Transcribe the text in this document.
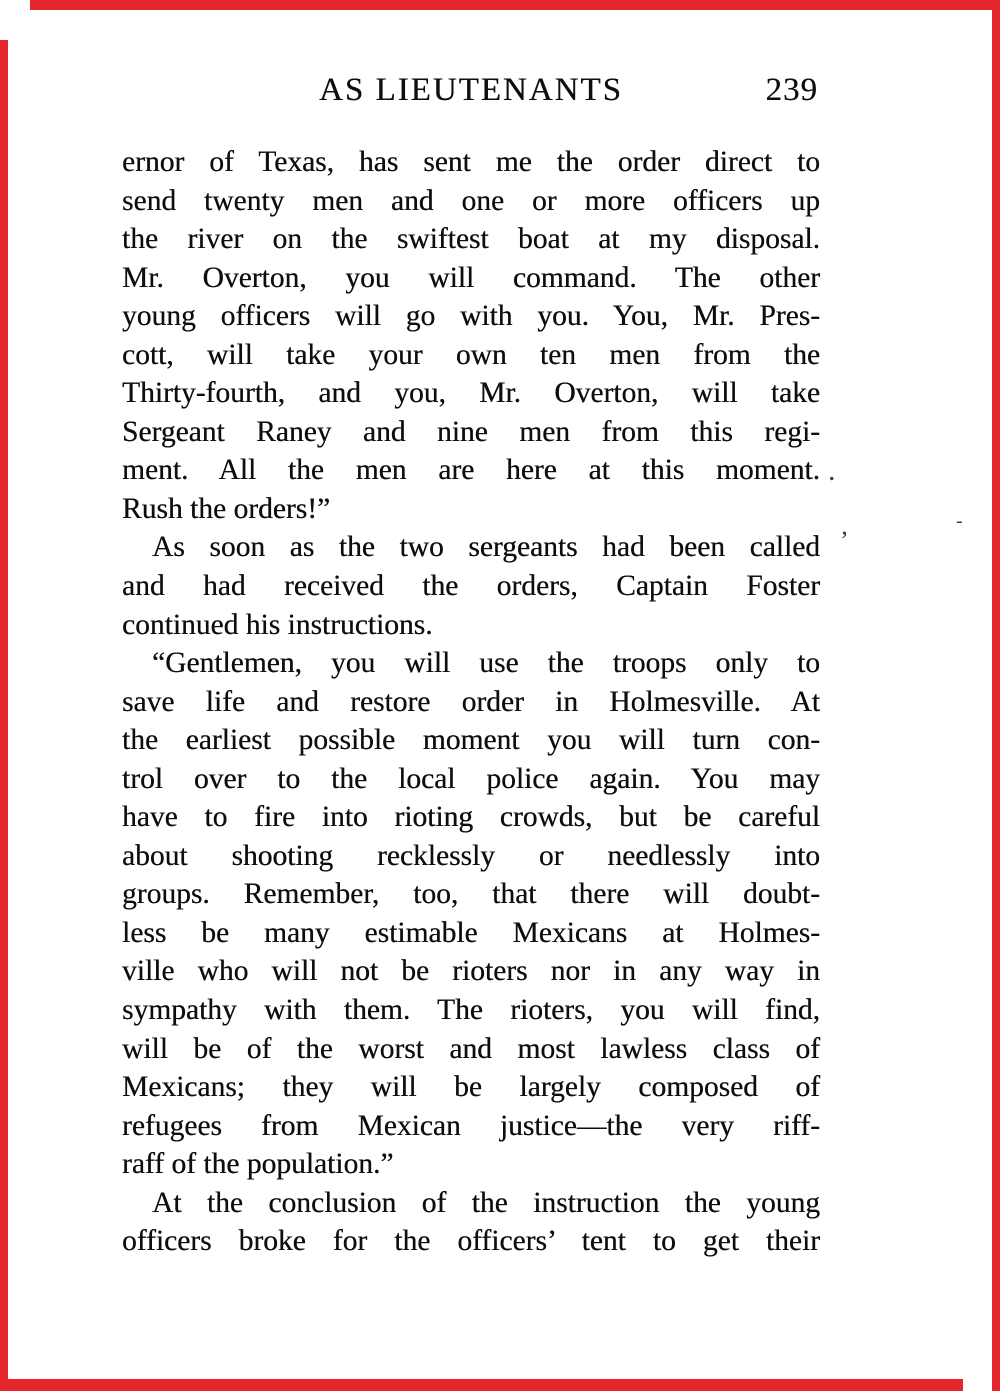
AS LIEUTENANTS	239
ernor of Texas, has sent me the order direct to
send twenty men and one or more officers up
the river on the swiftest boat at my disposal.
Mr. Overton, you will command. The other
young officers will go with you. You, Mr. Pres-
cott, will take your own ten men from the
Thirty-fourth, and you, Mr. Overton, will take
Sergeant Raney and nine men from this regi-
ment. All the men are here at this moment.
Rush the orders!”
As soon as the two sergeants had been called
and had received the orders, Captain Foster
continued his instructions.
“Gentlemen, you will use the troops only to
save life and restore order in Holmesville. At
the earliest possible moment you will turn con-
trol over to the local police again. You may
have to fire into rioting crowds, but be careful
about shooting recklessly or needlessly into
groups. Remember, too, that there will doubt-
less be many estimable Mexicans at Holmes-
ville who will not be rioters nor in any way in
sympathy with them. The rioters, you will find,
will be of the worst and most lawless class of
Mexicans; they will be largely composed of
refugees from Mexican justice—the very riff-
raff of the population.”
At the conclusion of the instruction the young
officers broke for the officers’ tent to get their
.
-
’
